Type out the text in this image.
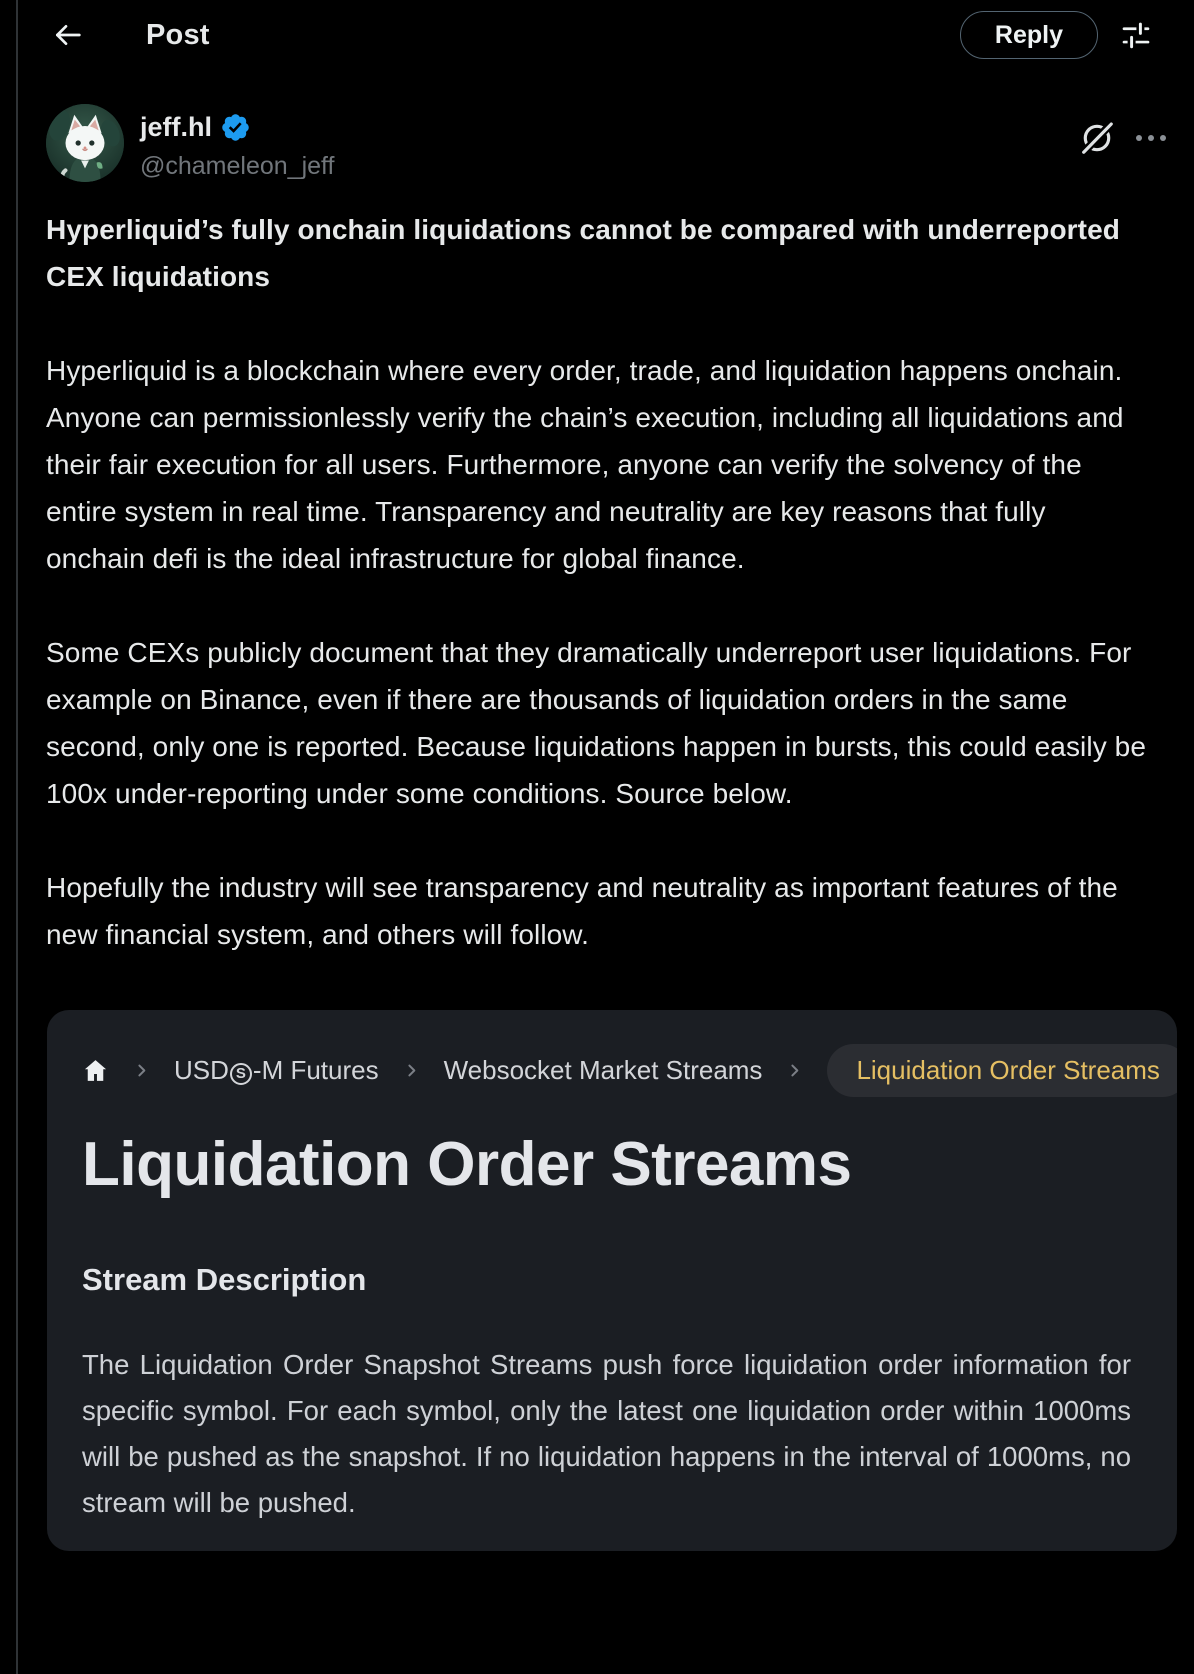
Post	Reply
jeff.hl
@chameleon_jeff

Hyperliquid’s fully onchain liquidations cannot be compared with underreported CEX liquidations

Hyperliquid is a blockchain where every order, trade, and liquidation happens onchain. Anyone can permissionlessly verify the chain’s execution, including all liquidations and their fair execution for all users. Furthermore, anyone can verify the solvency of the entire system in real time. Transparency and neutrality are key reasons that fully onchain defi is the ideal infrastructure for global finance.

Some CEXs publicly document that they dramatically underreport user liquidations. For example on Binance, even if there are thousands of liquidation orders in the same second, only one is reported. Because liquidations happen in bursts, this could easily be 100x under-reporting under some conditions. Source below.

Hopefully the industry will see transparency and neutrality as important features of the new financial system, and others will follow.

USD S -M Futures	Websocket Market Streams	Liquidation Order Streams
Liquidation Order Streams
Stream Description

The Liquidation Order Snapshot Streams push force liquidation order information for specific symbol. For each symbol, only the latest one liquidation order within 1000ms will be pushed as the snapshot. If no liquidation happens in the interval of 1000ms, no stream will be pushed.
